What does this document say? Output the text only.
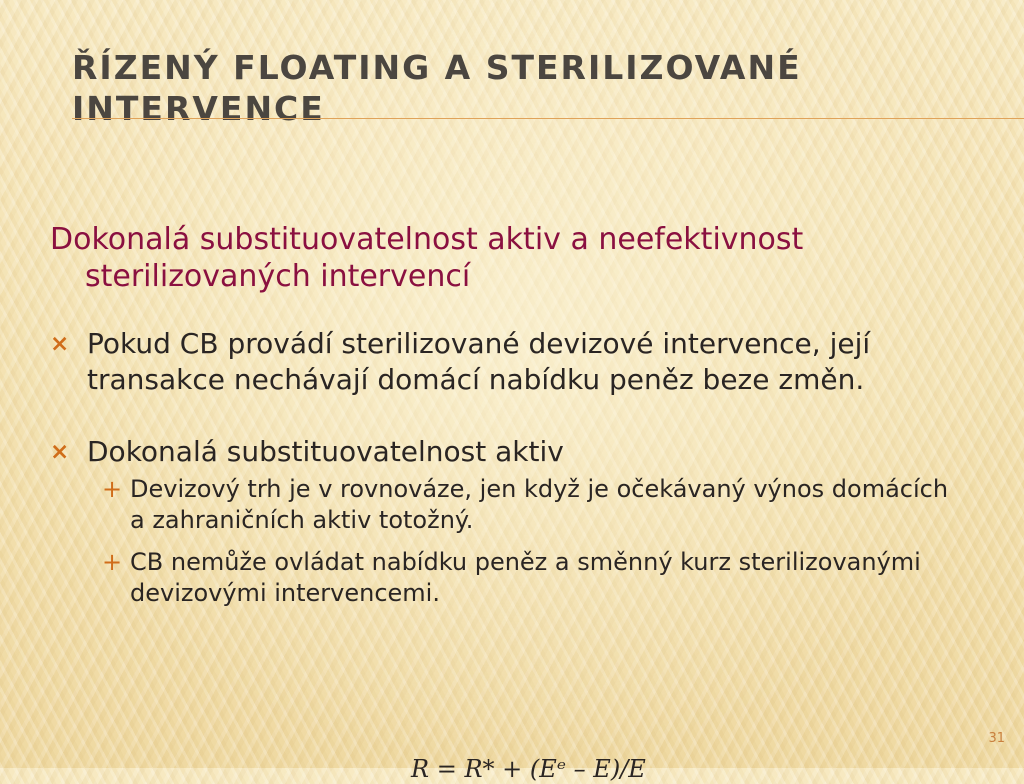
ŘÍZENÝ FLOATING A STERILIZOVANÉ INTERVENCE

Dokonalá substituovatelnost aktiv a neefektivnost sterilizovaných intervencí

× Pokud CB provádí sterilizované devizové intervence, její transakce nechávají domácí nabídku peněz beze změn.
× Dokonalá substituovatelnost aktiv
+ Devizový trh je v rovnováze, jen když je očekávaný výnos domácích a zahraničních aktiv totožný.
+ CB nemůže ovládat nabídku peněz a směnný kurz sterilizovanými devizovými intervencemi.
31

R = R* + (Eᵉ – E)/E
